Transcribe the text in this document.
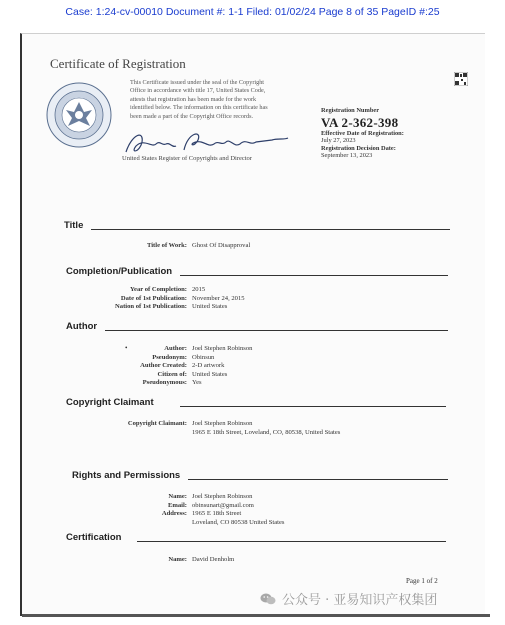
Case: 1:24-cv-00010 Document #: 1-1 Filed: 01/02/24 Page 8 of 35 PageID #:25
Certificate of Registration
This Certificate issued under the seal of the Copyright
Office in accordance with title 17, United States Code,
attests that registration has been made for the work
identified below. The information on this certificate has
been made a part of the Copyright Office records.
United States Register of Copyrights and Director
Registration Number
VA 2-362-398
Effective Date of Registration:
July 27, 2023
Registration Decision Date:
September 13, 2023
Title
Title of Work: Ghost Of Disapproval
Completion/Publication
Year of Completion: 2015
Date of 1st Publication: November 24, 2015
Nation of 1st Publication: United States
Author
•	Author: Joel Stephen Robinson
Pseudonym: Obinsun
Author Created: 2-D artwork
Citizen of: United States
Pseudonymous: Yes
Copyright Claimant
Copyright Claimant: Joel Stephen Robinson
1965 E 18th Street, Loveland, CO, 80538, United States
Rights and Permissions
Name: Joel Stephen Robinson
Email: obinsunart@gmail.com
Address: 1965 E 18th Street
Loveland, CO 80538 United States
Certification
Name: David Denholm
Page 1 of 2
公众号 · 亚易知识产权集团
